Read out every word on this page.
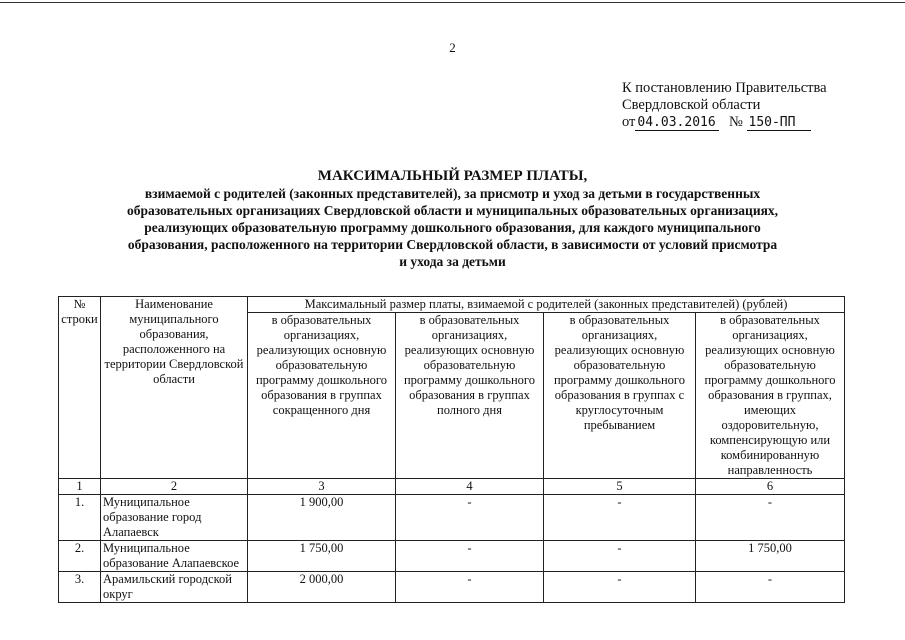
2
К постановлению Правительства
Свердловской области
от 04.03.2016 № 150-ПП
МАКСИМАЛЬНЫЙ РАЗМЕР ПЛАТЫ,
взимаемой с родителей (законных представителей), за присмотр и уход за детьми в государственных
образовательных организациях Свердловской области и муниципальных образовательных организациях,
реализующих образовательную программу дошкольного образования, для каждого муниципального
образования, расположенного на территории Свердловской области, в зависимости от условий присмотра
и ухода за детьми
№ строки	Наименование муниципального образования, расположенного на территории Свердловской области	Максимальный размер платы, взимаемой с родителей (законных представителей) (рублей)			
		в образовательных организациях, реализующих основную образовательную программу дошкольного образования в группах сокращенного дня	в образовательных организациях, реализующих основную образовательную программу дошкольного образования в группах полного дня	в образовательных организациях, реализующих основную образовательную программу дошкольного образования в группах с круглосуточным пребыванием	в образовательных организациях, реализующих основную образовательную программу дошкольного образования в группах, имеющих оздоровительную, компенсирующую или комбинированную направленность
1	2	3	4	5	6
1.	Муниципальное образование город Алапаевск	1 900,00	-	-	-
2.	Муниципальное образование Алапаевское	1 750,00	-	-	1 750,00
3.	Арамильский городской округ	2 000,00	-	-	-
